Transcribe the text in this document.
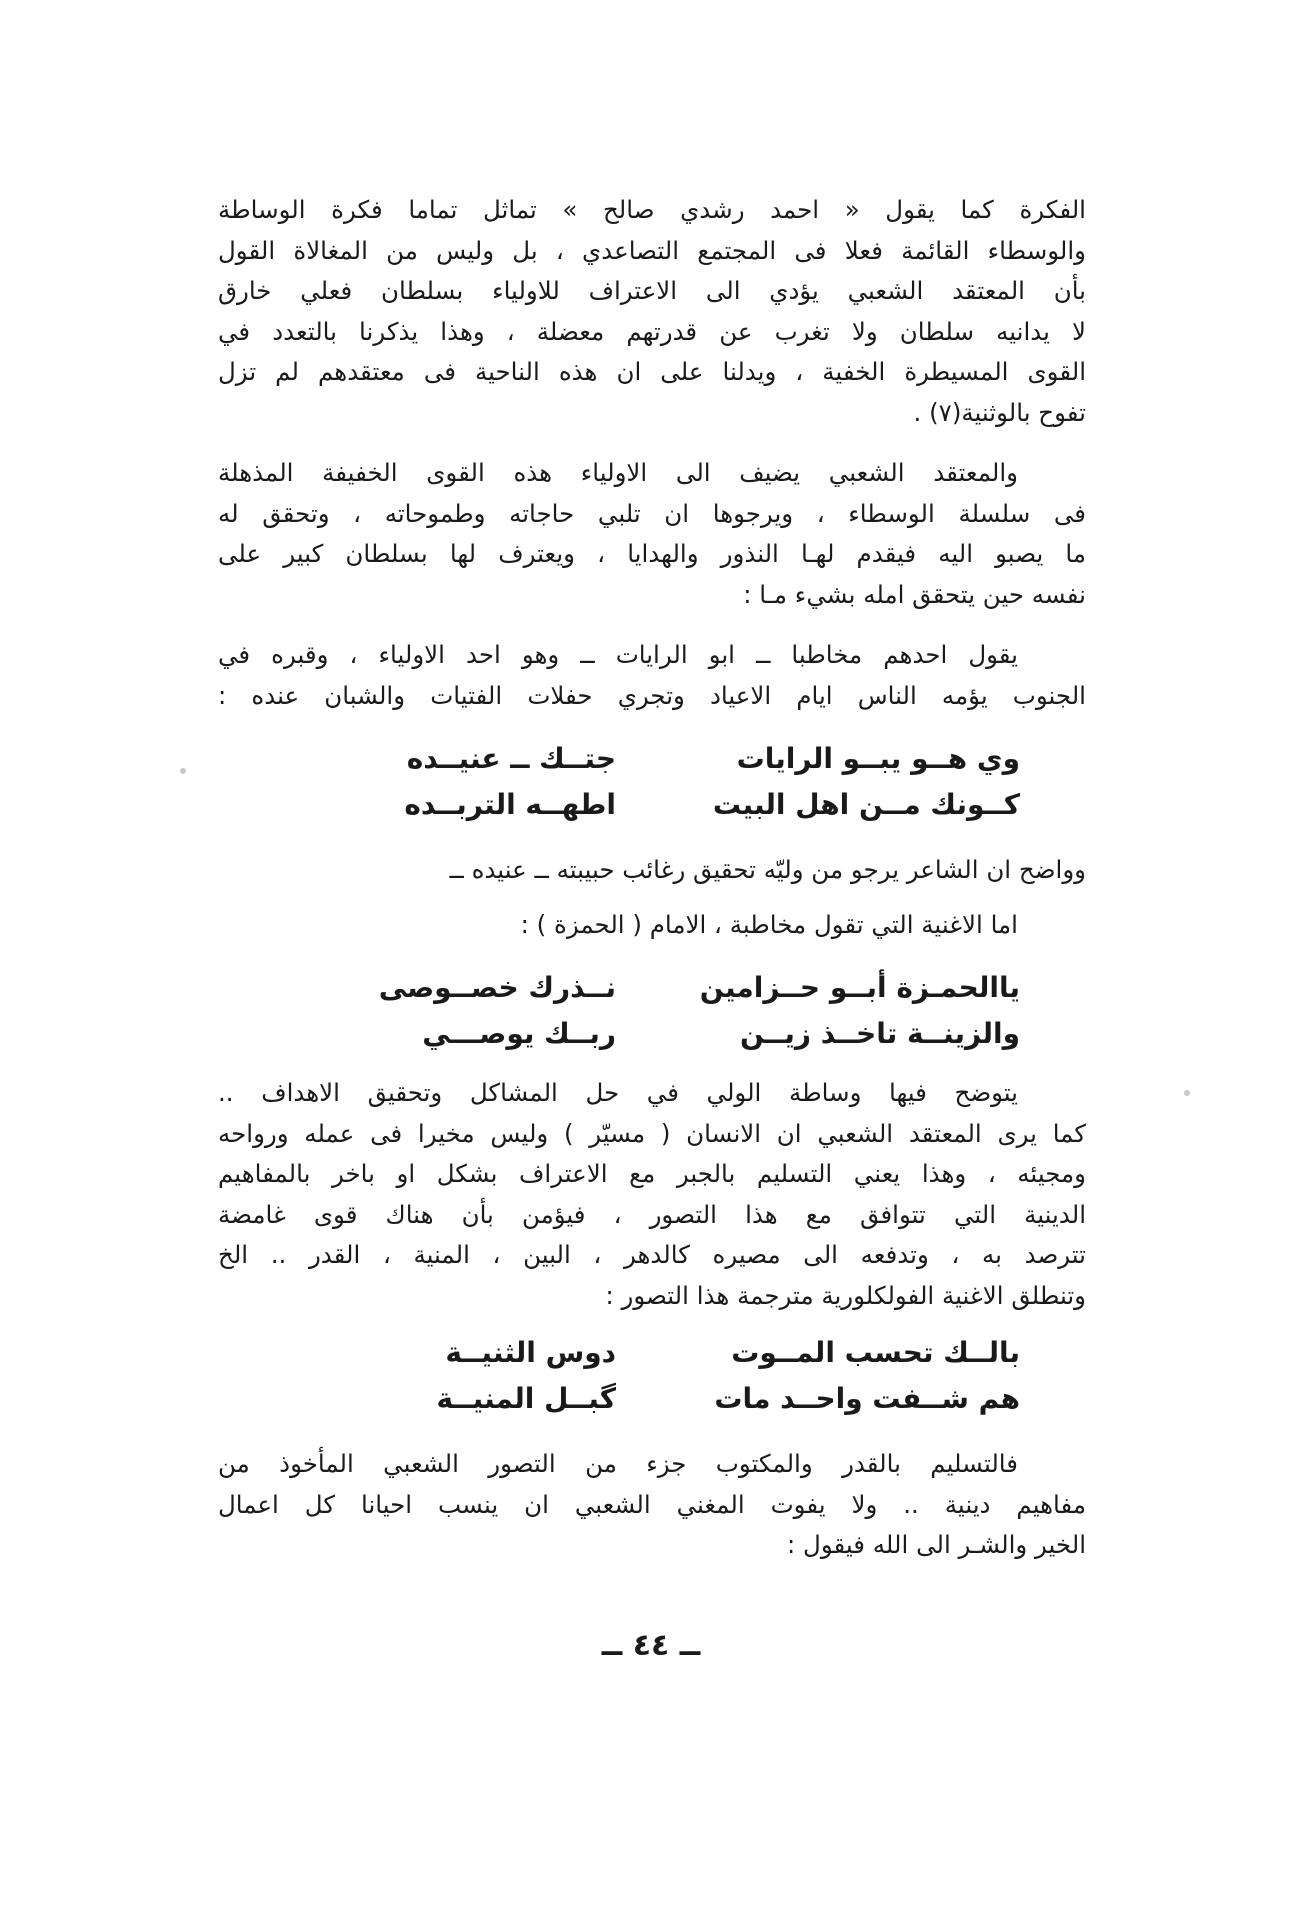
الفكرة كما يقول « احمد رشدي صالح » تماثل تماما فكرة الوساطة
والوسطاء القائمة فعلا فى المجتمع التصاعدي ، بل وليس من المغالاة القول
بأن المعتقد الشعبي يؤدي الى الاعتراف للاولياء بسلطان فعلي خارق
لا يدانيه سلطان ولا تغرب عن قدرتهم معضلة ، وهذا يذكرنا بالتعدد في
القوى المسيطرة الخفية ، ويدلنا على ان هذه الناحية فى معتقدهم لم تزل
تفوح بالوثنية(٧) .
والمعتقد الشعبي يضيف الى الاولياء هذه القوى الخفيفة المذهلة
فى سلسلة الوسطاء ، ويرجوها ان تلبي حاجاته وطموحاته ، وتحقق له
ما يصبو اليه فيقدم لهـا النذور والهدايا ، ويعترف لها بسلطان كبير على
نفسه حين يتحقق امله بشيء مـا :
يقول احدهم مخاطبا ــ ابو الرايات ــ وهو احد الاولياء ، وقبره في
الجنوب يؤمه الناس ايام الاعياد وتجري حفلات الفتيات والشبان عنده :
وي هــو يبــو الرايات
جتــك ــ عنيــده
كــونك مــن اهل البيت
اطهــه التربــده
وواضح ان الشاعر يرجو من وليّه تحقيق رغائب حبيبته ــ عنيده ــ
اما الاغنية التي تقول مخاطبة ، الامام ( الحمزة ) :
ياالحمـزة أبــو حــزامين
نــذرك خصــوصى
والزينــة تاخــذ زيــن
ربــك يوصـــي
يتوضح فيها وساطة الولي في حل المشاكل وتحقيق الاهداف ..
كما يرى المعتقد الشعبي ان الانسان ( مسيّر ) وليس مخيرا فى عمله ورواحه
ومجيئه ، وهذا يعني التسليم بالجبر مع الاعتراف بشكل او باخر بالمفاهيم
الدينية التي تتوافق مع هذا التصور ، فيؤمن بأن هناك قوى غامضة
تترصد به ، وتدفعه الى مصيره كالدهر ، البين ، المنية ، القدر .. الخ
وتنطلق الاغنية الفولكلورية مترجمة هذا التصور :
بالــك تحسب المــوت
دوس الثنيــة
هم شــفت واحــد مات
گبــل المنيــة
فالتسليم بالقدر والمكتوب جزء من التصور الشعبي المأخوذ من
مفاهيم دينية .. ولا يفوت المغني الشعبي ان ينسب احيانا كل اعمال
الخير والشـر الى الله فيقول :
ــ ٤٤ ــ
